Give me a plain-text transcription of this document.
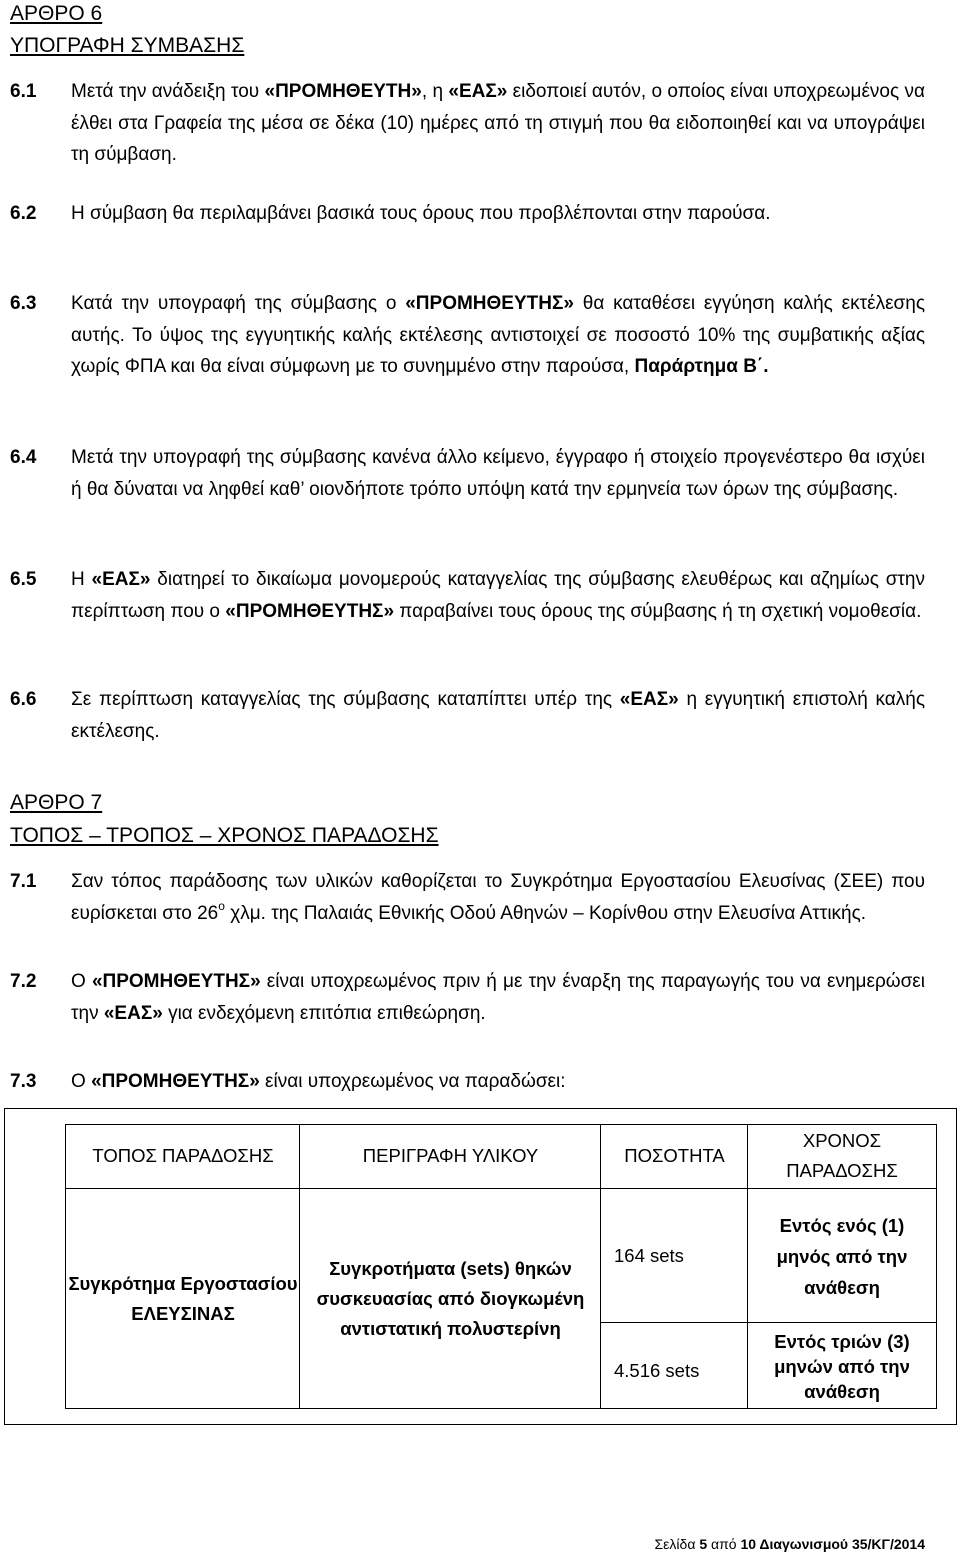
ΑΡΘΡΟ 6
ΥΠΟΓΡΑΦΗ ΣΥΜΒΑΣΗΣ
6.1 Μετά την ανάδειξη του «ΠΡΟΜΗΘΕΥΤΗ», η «ΕΑΣ» ειδοποιεί αυτόν, ο οποίος είναι υποχρεωμένος να έλθει στα Γραφεία της μέσα σε δέκα (10) ημέρες από τη στιγμή που θα ειδοποιηθεί και να υπογράψει τη σύμβαση.
6.2 Η σύμβαση θα περιλαμβάνει βασικά τους όρους που προβλέπονται στην παρούσα.
6.3 Κατά την υπογραφή της σύμβασης ο «ΠΡΟΜΗΘΕΥΤΗΣ» θα καταθέσει εγγύηση καλής εκτέλεσης αυτής. Το ύψος της εγγυητικής καλής εκτέλεσης αντιστοιχεί σε ποσοστό 10% της συμβατικής αξίας χωρίς ΦΠΑ και θα είναι σύμφωνη με το συνημμένο στην παρούσα, Παράρτημα Β΄.
6.4 Μετά την υπογραφή της σύμβασης κανένα άλλο κείμενο, έγγραφο ή στοιχείο προγενέστερο θα ισχύει ή θα δύναται να ληφθεί καθ’ οιονδήποτε τρόπο υπόψη κατά την ερμηνεία των όρων της σύμβασης.
6.5 Η «ΕΑΣ» διατηρεί το δικαίωμα μονομερούς καταγγελίας της σύμβασης ελευθέρως και αζημίως στην περίπτωση που ο «ΠΡΟΜΗΘΕΥΤΗΣ» παραβαίνει τους όρους της σύμβασης ή τη σχετική νομοθεσία.
6.6 Σε περίπτωση καταγγελίας της σύμβασης καταπίπτει υπέρ της «ΕΑΣ» η εγγυητική επιστολή καλής εκτέλεσης.
ΑΡΘΡΟ 7
ΤΟΠΟΣ – ΤΡΟΠΟΣ – ΧΡΟΝΟΣ ΠΑΡΑΔΟΣΗΣ
7.1 Σαν τόπος παράδοσης των υλικών καθορίζεται το Συγκρότημα Εργοστασίου Ελευσίνας (ΣΕΕ) που ευρίσκεται στο $26^o$ χλμ. της Παλαιάς Εθνικής Οδού Αθηνών – Κορίνθου στην Ελευσίνα Αττικής.
7.2 Ο «ΠΡΟΜΗΘΕΥΤΗΣ» είναι υποχρεωμένος πριν ή με την έναρξη της παραγωγής του να ενημερώσει την «ΕΑΣ» για ενδεχόμενη επιτόπια επιθεώρηση.
7.3 Ο «ΠΡΟΜΗΘΕΥΤΗΣ» είναι υποχρεωμένος να παραδώσει:
ΤΟΠΟΣ ΠΑΡΑΔΟΣΗΣ	ΠΕΡΙΓΡΑΦΗ ΥΛΙΚΟΥ	ΠΟΣΟΤΗΤΑ
ΧΡΟΝΟΣ ΠΑΡΑΔΟΣΗΣ
Συγκρότημα Εργοστασίου ΕΛΕΥΣΙΝΑΣ
Συγκροτήματα (sets) θηκών συσκευασίας από διογκωμένη αντιστατική πολυστερίνη
164 sets
4.516 sets
Εντός ενός (1) μηνός από την ανάθεση
Εντός τριών (3) μηνών από την ανάθεση
Σελίδα 5 από 10 Διαγωνισμού 35/ΚΓ/2014
